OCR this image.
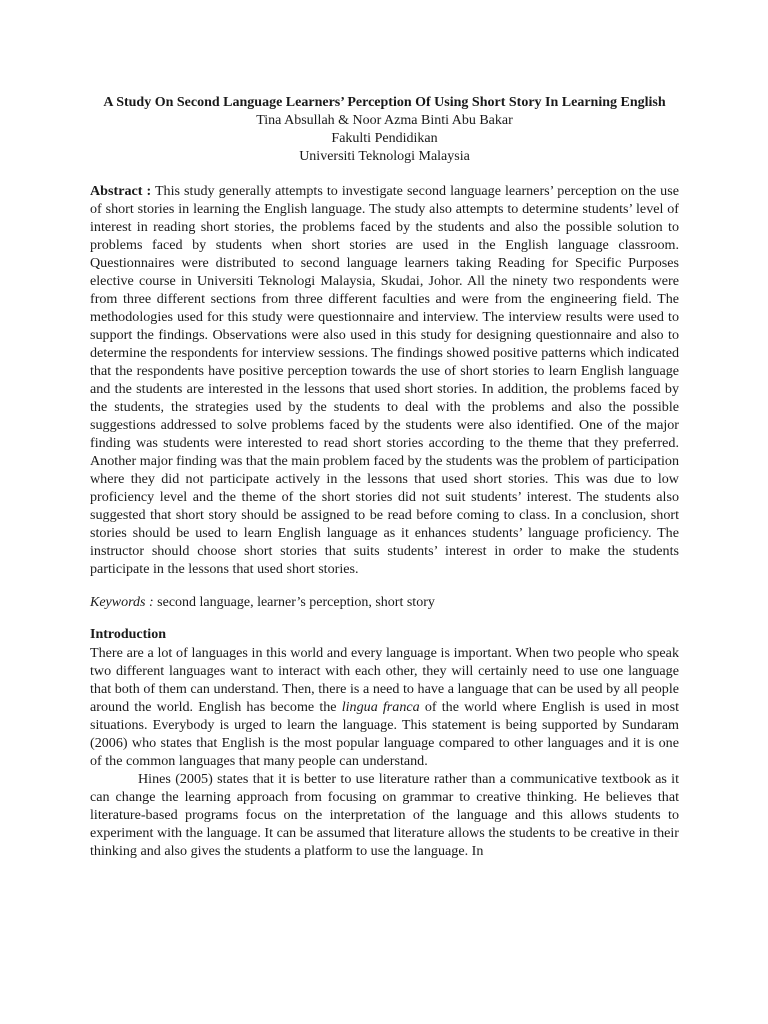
A Study On Second Language Learners’ Perception Of Using Short Story In Learning English

Tina Absullah & Noor Azma Binti Abu Bakar

Fakulti Pendidikan

Universiti Teknologi Malaysia

Abstract : This study generally attempts to investigate second language learners’ perception on the use of short stories in learning the English language. The study also attempts to determine students’ level of interest in reading short stories, the problems faced by the students and also the possible solution to problems faced by students when short stories are used in the English language classroom. Questionnaires were distributed to second language learners taking Reading for Specific Purposes elective course in Universiti Teknologi Malaysia, Skudai, Johor. All the ninety two respondents were from three different sections from three different faculties and were from the engineering field. The methodologies used for this study were questionnaire and interview. The interview results were used to support the findings. Observations were also used in this study for designing questionnaire and also to determine the respondents for interview sessions. The findings showed positive patterns which indicated that the respondents have positive perception towards the use of short stories to learn English language and the students are interested in the lessons that used short stories. In addition, the problems faced by the students, the strategies used by the students to deal with the problems and also the possible suggestions addressed to solve problems faced by the students were also identified. One of the major finding was students were interested to read short stories according to the theme that they preferred. Another major finding was that the main problem faced by the students was the problem of participation where they did not participate actively in the lessons that used short stories. This was due to low proficiency level and the theme of the short stories did not suit students’ interest. The students also suggested that short story should be assigned to be read before coming to class. In a conclusion, short stories should be used to learn English language as it enhances students’ language proficiency. The instructor should choose short stories that suits students’ interest in order to make the students participate in the lessons that used short stories.

Keywords : second language, learner’s perception, short story

Introduction

There are a lot of languages in this world and every language is important. When two people who speak two different languages want to interact with each other, they will certainly need to use one language that both of them can understand. Then, there is a need to have a language that can be used by all people around the world. English has become the lingua franca of the world where English is used in most situations. Everybody is urged to learn the language. This statement is being supported by Sundaram (2006) who states that English is the most popular language compared to other languages and it is one of the common languages that many people can understand.

Hines (2005) states that it is better to use literature rather than a communicative textbook as it can change the learning approach from focusing on grammar to creative thinking. He believes that literature-based programs focus on the interpretation of the language and this allows students to experiment with the language. It can be assumed that literature allows the students to be creative in their thinking and also gives the students a platform to use the language. In
